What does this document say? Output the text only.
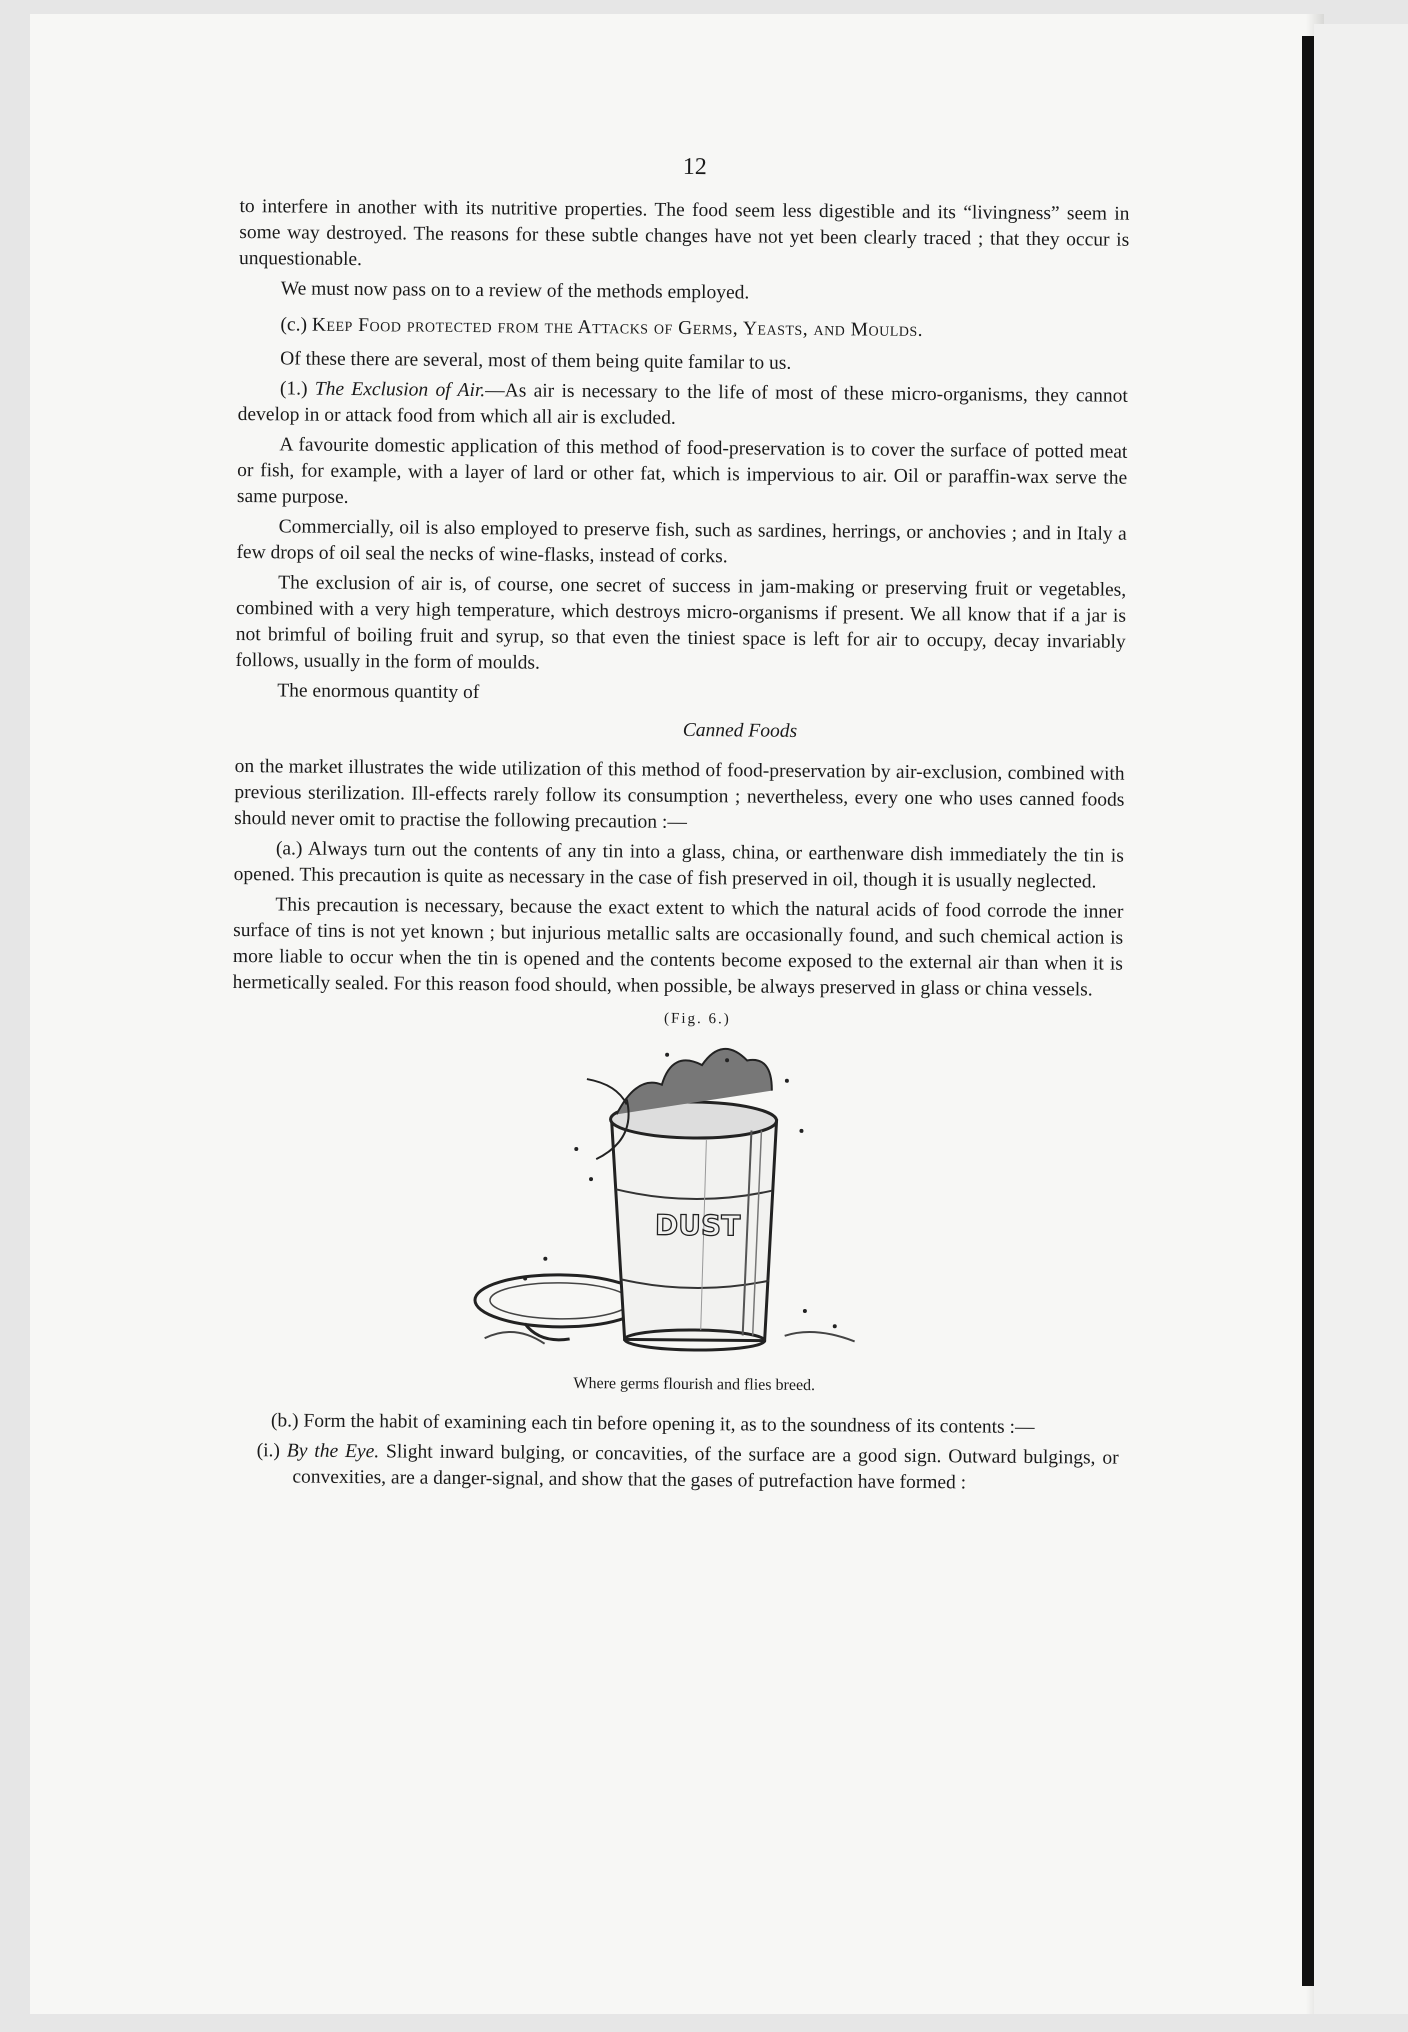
12

to interfere in another with its nutritive properties. The food seem less digestible and its “livingness” seem in some way destroyed. The reasons for these subtle changes have not yet been clearly traced ; that they occur is unquestionable.

We must now pass on to a review of the methods employed.

(c.) Keep Food protected from the Attacks of Germs, Yeasts, and Moulds.

Of these there are several, most of them being quite familar to us.

(1.) The Exclusion of Air.—As air is necessary to the life of most of these micro-organisms, they cannot develop in or attack food from which all air is excluded.

A favourite domestic application of this method of food-preservation is to cover the surface of potted meat or fish, for example, with a layer of lard or other fat, which is impervious to air. Oil or paraffin-wax serve the same purpose.

Commercially, oil is also employed to preserve fish, such as sardines, herrings, or anchovies ; and in Italy a few drops of oil seal the necks of wine-flasks, instead of corks.

The exclusion of air is, of course, one secret of success in jam-making or preserving fruit or vegetables, combined with a very high temperature, which destroys micro-organisms if present. We all know that if a jar is not brimful of boiling fruit and syrup, so that even the tiniest space is left for air to occupy, decay invariably follows, usually in the form of moulds.

The enormous quantity of

Canned Foods

on the market illustrates the wide utilization of this method of food-preservation by air-exclusion, combined with previous sterilization. Ill-effects rarely follow its consumption ; nevertheless, every one who uses canned foods should never omit to practise the following precaution :—

(a.) Always turn out the contents of any tin into a glass, china, or earthenware dish immediately the tin is opened. This precaution is quite as necessary in the case of fish preserved in oil, though it is usually neglected.

This precaution is necessary, because the exact extent to which the natural acids of food corrode the inner surface of tins is not yet known ; but injurious metallic salts are occasionally found, and such chemical action is more liable to occur when the tin is opened and the contents become exposed to the external air than when it is hermetically sealed. For this reason food should, when possible, be always preserved in glass or china vessels.

(Fig. 6.)
DUST
Where germs flourish and flies breed.

(b.) Form the habit of examining each tin before opening it, as to the soundness of its contents :—

(i.) By the Eye. Slight inward bulging, or concavities, of the surface are a good sign. Outward bulgings, or convexities, are a danger-signal, and show that the gases of putrefaction have formed :
